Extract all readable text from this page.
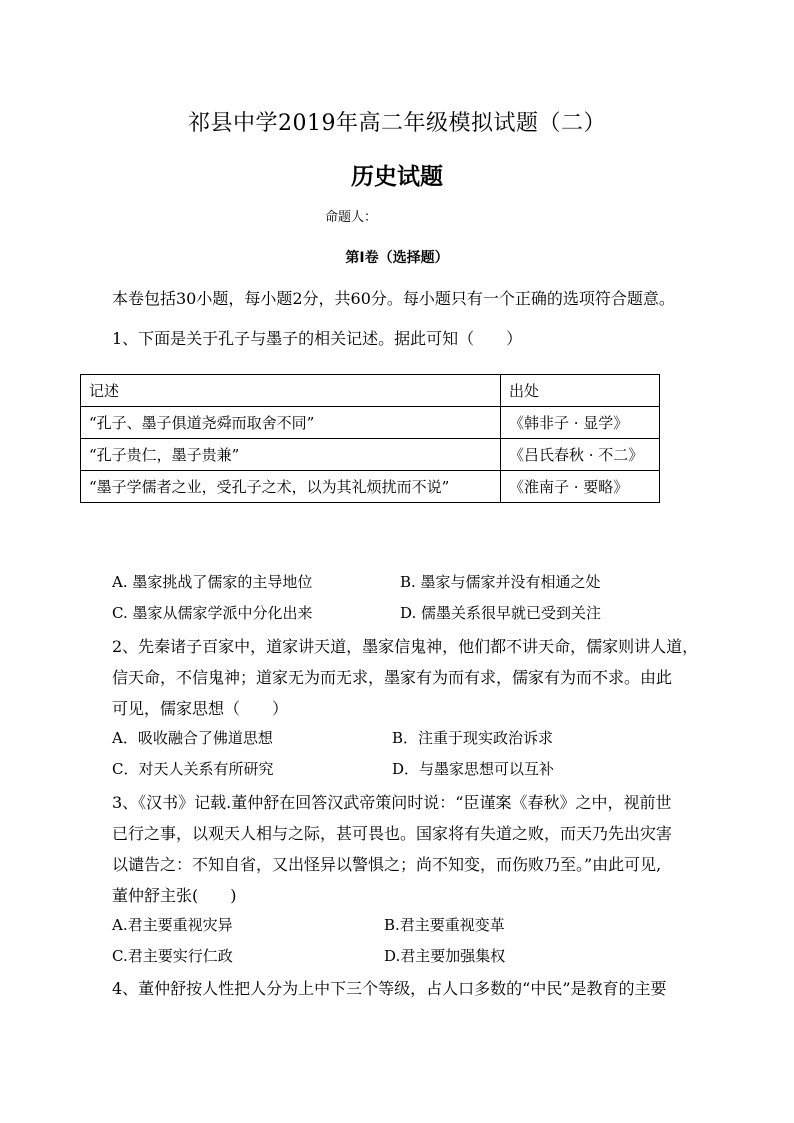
祁县中学2019年高二年级模拟试题（二）
历史试题
命题人：
第Ⅰ卷（选择题）
本卷包括30小题，每小题2分，共60分。每小题只有一个正确的选项符合题意。
1、下面是关于孔子与墨子的相关记述。据此可知（　　）
记述	出处
“孔子、墨子俱道尧舜而取舍不同”	《韩非子 · 显学》
“孔子贵仁，墨子贵兼”	《吕氏春秋 · 不二》
“墨子学儒者之业，受孔子之术，以为其礼烦扰而不说”	《淮南子 · 要略》
A. 墨家挑战了儒家的主导地位	B. 墨家与儒家并没有相通之处
C. 墨家从儒家学派中分化出来	D. 儒墨关系很早就已受到关注
2、先秦诸子百家中，道家讲天道，墨家信鬼神，他们都不讲天命，儒家则讲人道，
信天命，不信鬼神；道家无为而无求，墨家有为而有求，儒家有为而不求。由此
可见，儒家思想（　　）
A．吸收融合了佛道思想	B．注重于现实政治诉求
C．对天人关系有所研究	D．与墨家思想可以互补
3、《汉书》记载.董仲舒在回答汉武帝策问时说：“臣谨案《春秋》之中，视前世
已行之事，以观天人相与之际，甚可畏也。国家将有失道之败，而天乃先出灾害
以谴告之：不知自省，又出怪异以警惧之；尚不知变，而伤败乃至。”由此可见,
董仲舒主张(　　)
A.君主要重视灾异	B.君主要重视变革
C.君主要实行仁政	D.君主要加强集权
4、董仲舒按人性把人分为上中下三个等级，占人口多数的“中民”是教育的主要
